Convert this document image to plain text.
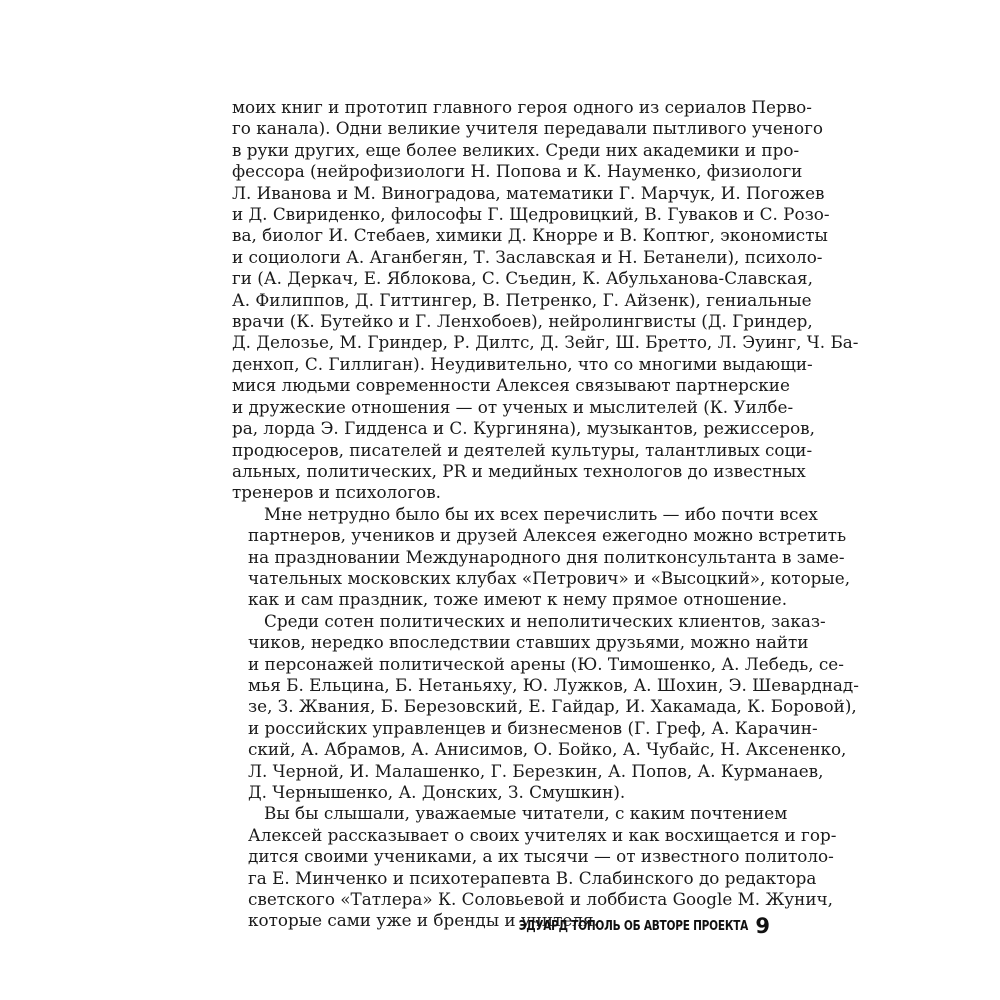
моих книг и прототип главного героя одного из сериалов Перво-
го канала). Одни великие учителя передавали пытливого ученого
в руки других, еще более великих. Среди них академики и про-
фессора (нейрофизиологи Н. Попова и К. Науменко, физиологи
Л. Иванова и М. Виноградова, математики Г. Марчук, И. Погожев
и Д. Свириденко, философы Г. Щедровицкий, В. Гуваков и С. Розо-
ва, биолог И. Стебаев, химики Д. Кнорре и В. Коптюг, экономисты
и социологи А. Аганбегян, Т. Заславская и Н. Бетанели), психоло-
ги (А. Деркач, Е. Яблокова, С. Съедин, К. Абульханова-Славская,
А. Филиппов, Д. Гиттингер, В. Петренко, Г. Айзенк), гениальные
врачи (К. Бутейко и Г. Ленхобоев), нейролингвисты (Д. Гриндер,
Д. Делозье, М. Гриндер, Р. Дилтс, Д. Зейг, Ш. Бретто, Л. Эуинг, Ч. Ба-
денхоп, С. Гиллиган). Неудивительно, что со многими выдающи-
мися людьми современности Алексея связывают партнерские
и дружеские отношения — от ученых и мыслителей (К. Уилбе-
ра, лорда Э. Гидденса и С. Кургиняна), музыкантов, режиссеров,
продюсеров, писателей и деятелей культуры, талантливых соци-
альных, политических, PR и медийных технологов до известных
тренеров и психологов.
Мне нетрудно было бы их всех перечислить — ибо почти всех
партнеров, учеников и друзей Алексея ежегодно можно встретить
на праздновании Международного дня политконсультанта в заме-
чательных московских клубах «Петрович» и «Высоцкий», которые,
как и сам праздник, тоже имеют к нему прямое отношение.
Среди сотен политических и неполитических клиентов, заказ-
чиков, нередко впоследствии ставших друзьями, можно найти
и персонажей политической арены (Ю. Тимошенко, А. Лебедь, се-
мья Б. Ельцина, Б. Нетаньяху, Ю. Лужков, А. Шохин, Э. Шеварднад-
зе, З. Жвания, Б. Березовский, Е. Гайдар, И. Хакамада, К. Боровой),
и российских управленцев и бизнесменов (Г. Греф, А. Карачин-
ский, А. Абрамов, А. Анисимов, О. Бойко, А. Чубайс, Н. Аксененко,
Л. Черной, И. Малашенко, Г. Березкин, А. Попов, А. Курманаев,
Д. Чернышенко, А. Донских, З. Смушкин).
Вы бы слышали, уважаемые читатели, с каким почтением
Алексей рассказывает о своих учителях и как восхищается и гор-
дится своими учениками, а их тысячи — от известного политоло-
га Е. Минченко и психотерапевта В. Слабинского до редактора
светского «Татлера» К. Соловьевой и лоббиста Google М. Жунич,
которые сами уже и бренды и учителя.
ЭДУАРД ТОПОЛЬ ОБ АВТОРЕ ПРОЕКТА 9
